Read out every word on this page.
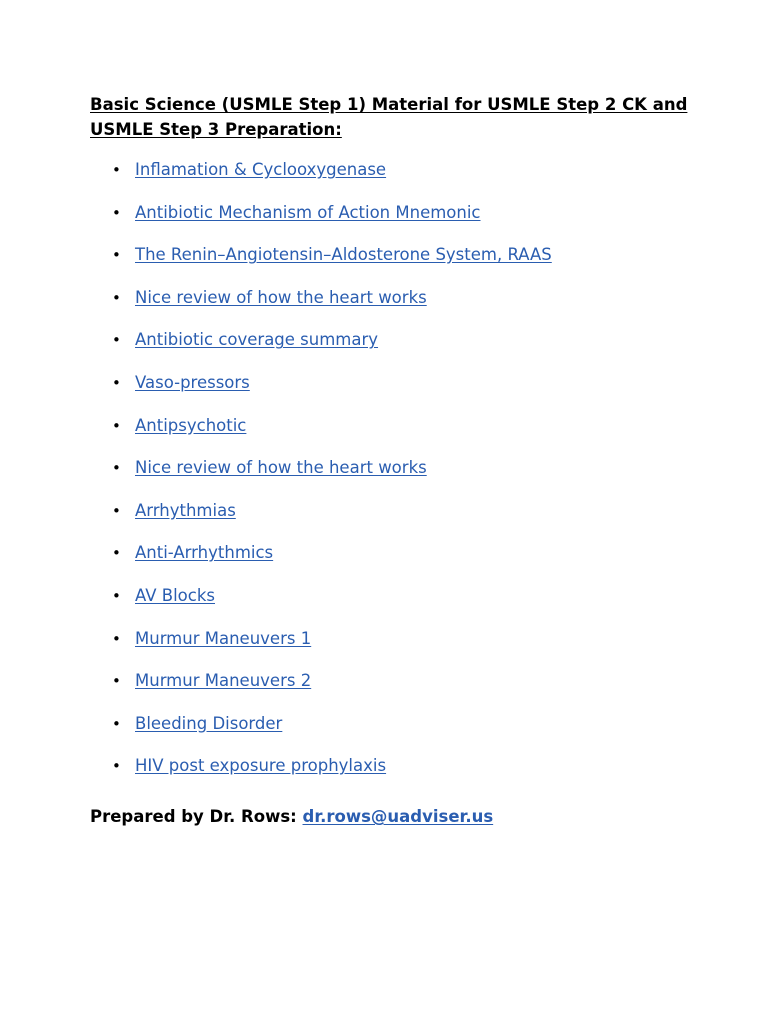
Basic Science (USMLE Step 1) Material for USMLE Step 2 CK and USMLE Step 3 Preparation:
• Inflamation & Cyclooxygenase
• Antibiotic Mechanism of Action Mnemonic
• The Renin–Angiotensin–Aldosterone System, RAAS
• Nice review of how the heart works
• Antibiotic coverage summary
• Vaso-pressors
• Antipsychotic
• Nice review of how the heart works
• Arrhythmias
• Anti-Arrhythmics
• AV Blocks
• Murmur Maneuvers 1
• Murmur Maneuvers 2
• Bleeding Disorder
• HIV post exposure prophylaxis

Prepared by Dr. Rows: dr.rows@uadviser.us
